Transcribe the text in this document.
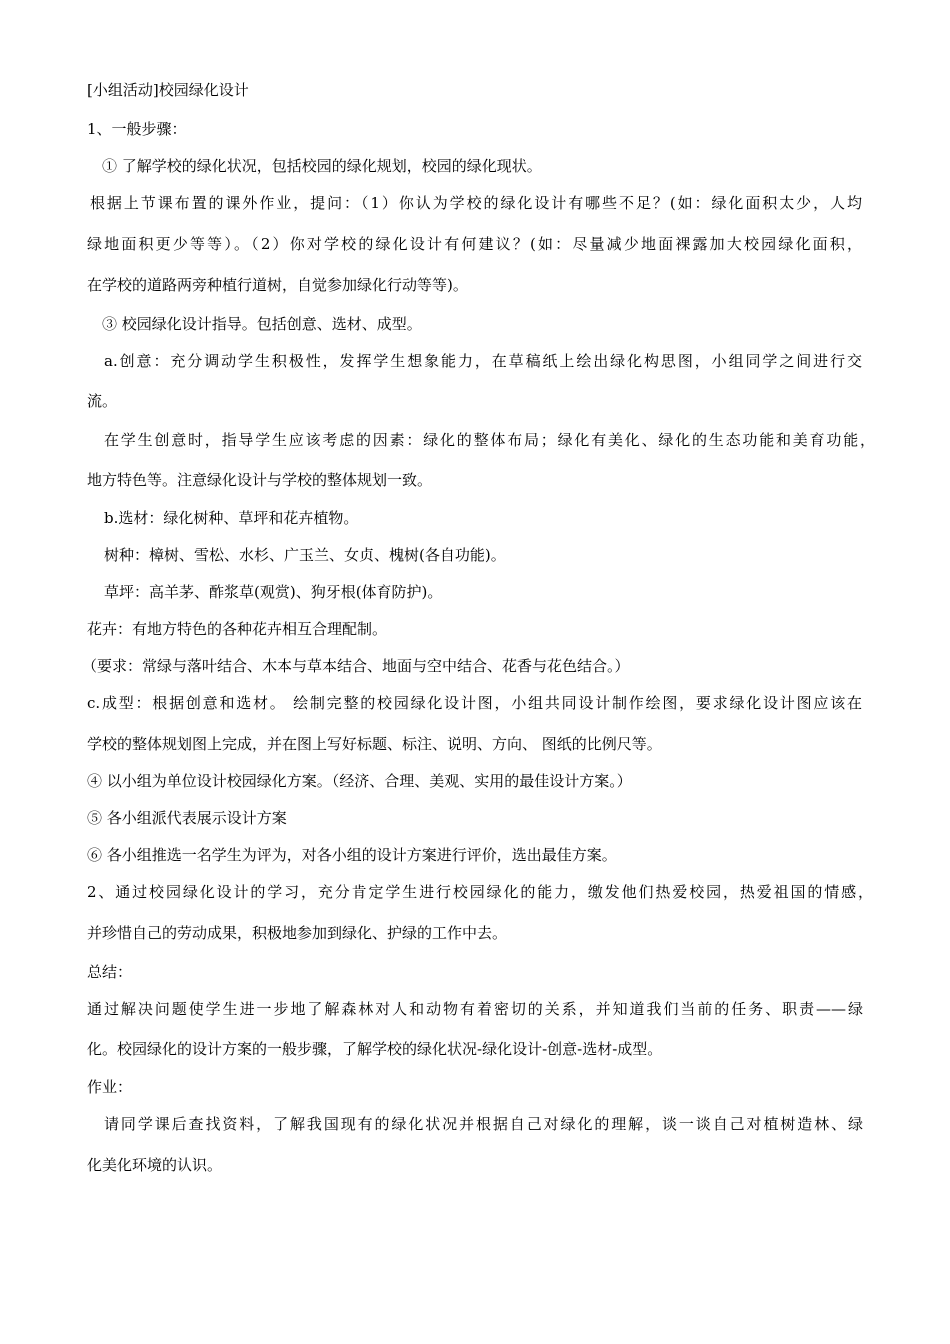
[小组活动]校园绿化设计
1、一般步骤：
① 了解学校的绿化状况，包括校园的绿化规划，校园的绿化现状。
根据上节课布置的课外作业，提问：（1）你认为学校的绿化设计有哪些不足？(如：绿化面积太少，人均
绿地面积更少等等）。（2）你对学校的绿化设计有何建议？(如：尽量减少地面裸露加大校园绿化面积，
在学校的道路两旁种植行道树，自觉参加绿化行动等等)。
③ 校园绿化设计指导。包括创意、选材、成型。
a.创意：充分调动学生积极性，发挥学生想象能力，在草稿纸上绘出绿化构思图，小组同学之间进行交
流。
在学生创意时，指导学生应该考虑的因素：绿化的整体布局；绿化有美化、绿化的生态功能和美育功能，
地方特色等。注意绿化设计与学校的整体规划一致。
b.选材：绿化树种、草坪和花卉植物。
树种：樟树、雪松、水杉、广玉兰、女贞、槐树(各自功能)。
草坪：高羊茅、酢浆草(观赏)、狗牙根(体育防护)。
花卉：有地方特色的各种花卉相互合理配制。
（要求：常绿与落叶结合、木本与草本结合、地面与空中结合、花香与花色结合。）
c.成型：根据创意和选材。 绘制完整的校园绿化设计图，小组共同设计制作绘图，要求绿化设计图应该在
学校的整体规划图上完成，并在图上写好标题、标注、说明、方向、 图纸的比例尺等。
④ 以小组为单位设计校园绿化方案。（经济、合理、美观、实用的最佳设计方案。）
⑤ 各小组派代表展示设计方案
⑥ 各小组推选一名学生为评为，对各小组的设计方案进行评价，选出最佳方案。
2、通过校园绿化设计的学习，充分肯定学生进行校园绿化的能力，缴发他们热爱校园，热爱祖国的情感，
并珍惜自己的劳动成果，积极地参加到绿化、护绿的工作中去。
总结：
通过解决问题使学生进一步地了解森林对人和动物有着密切的关系，并知道我们当前的任务、职责——绿
化。校园绿化的设计方案的一般步骤，了解学校的绿化状况-绿化设计-创意-选材-成型。
作业：
请同学课后查找资料，了解我国现有的绿化状况并根据自己对绿化的理解，谈一谈自己对植树造林、绿
化美化环境的认识。
